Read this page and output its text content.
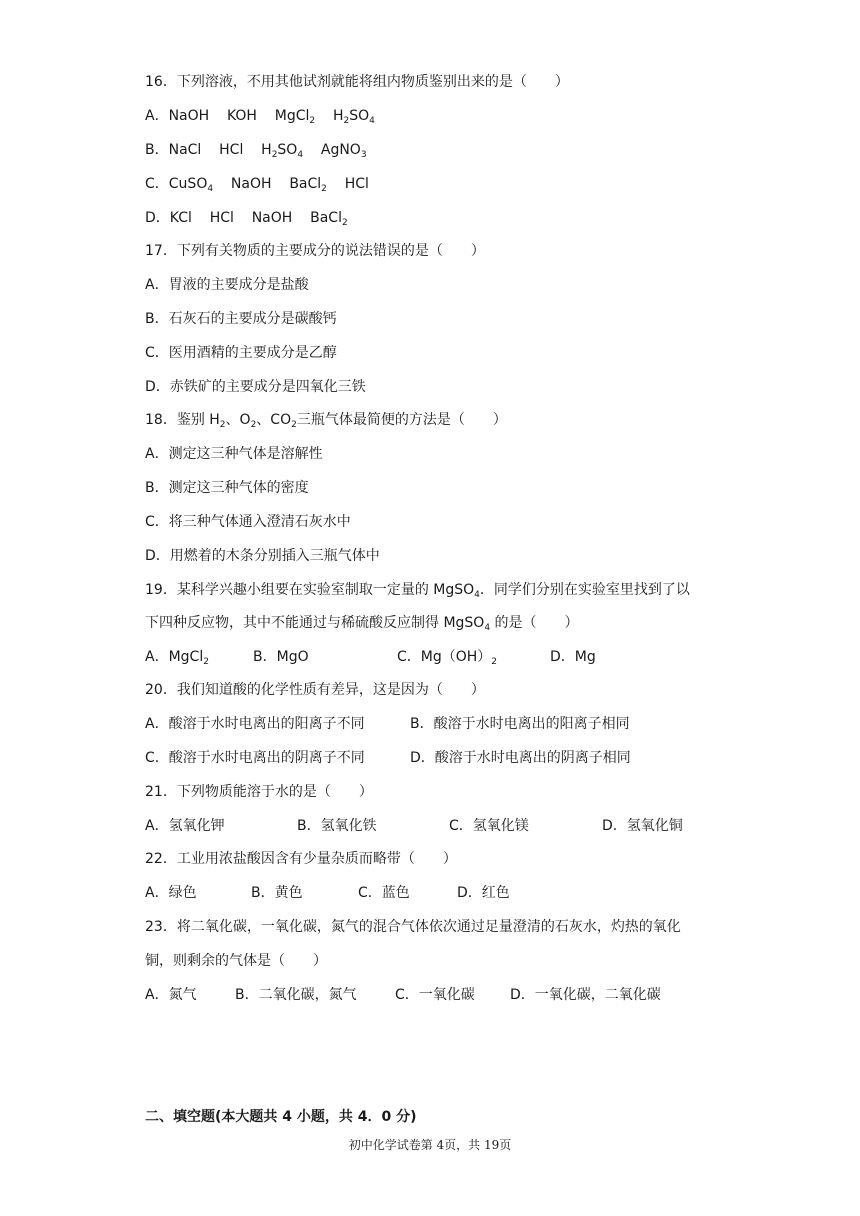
16．下列溶液，不用其他试剂就能将组内物质鉴别出来的是（　　）
A．NaOH KOH MgCl$_2$ $H_2SO_4$
B．NaCl HCl $H_2SO_4$ AgNO$_3$
C．CuSO$_4$ NaOH BaCl$_2$ HCl
D．KCl HCl NaOH BaCl$_2$
17．下列有关物质的主要成分的说法错误的是（　　）
A．胃液的主要成分是盐酸
B．石灰石的主要成分是碳酸钙
C．医用酒精的主要成分是乙醇
D．赤铁矿的主要成分是四氧化三铁
18．鉴别 $H_2$、$O_2$、$CO_2$三瓶气体最简便的方法是（　　）
A．测定这三种气体是溶解性
B．测定这三种气体的密度
C．将三种气体通入澄清石灰水中
D．用燃着的木条分别插入三瓶气体中
19．某科学兴趣小组要在实验室制取一定量的 MgSO$_4$．同学们分别在实验室里找到了以
下四种反应物，其中不能通过与稀硫酸反应制得 MgSO$_4$ 的是（　　）
A．MgCl$_2$	B．MgO	C．$Mg(OH)_2$	D．Mg
20．我们知道酸的化学性质有差异，这是因为（　　）
A．酸溶于水时电离出的阳离子不同	B．酸溶于水时电离出的阳离子相同
C．酸溶于水时电离出的阴离子不同	D．酸溶于水时电离出的阴离子相同
21．下列物质能溶于水的是（　　）
A．氢氧化钾	B．氢氧化铁	C．氢氧化镁	D．氢氧化铜
22．工业用浓盐酸因含有少量杂质而略带（　　）
A．绿色	B．黄色	C．蓝色	D．红色
23．将二氧化碳，一氧化碳，氮气的混合气体依次通过足量澄清的石灰水，灼热的氧化
铜，则剩余的气体是（　　）
A．氮气	B．二氧化碳，氮气	C．一氧化碳	D．一氧化碳，二氧化碳
二、填空题(本大题共 4 小题，共 4．0 分)
初中化学试卷第 4页，共 19页
